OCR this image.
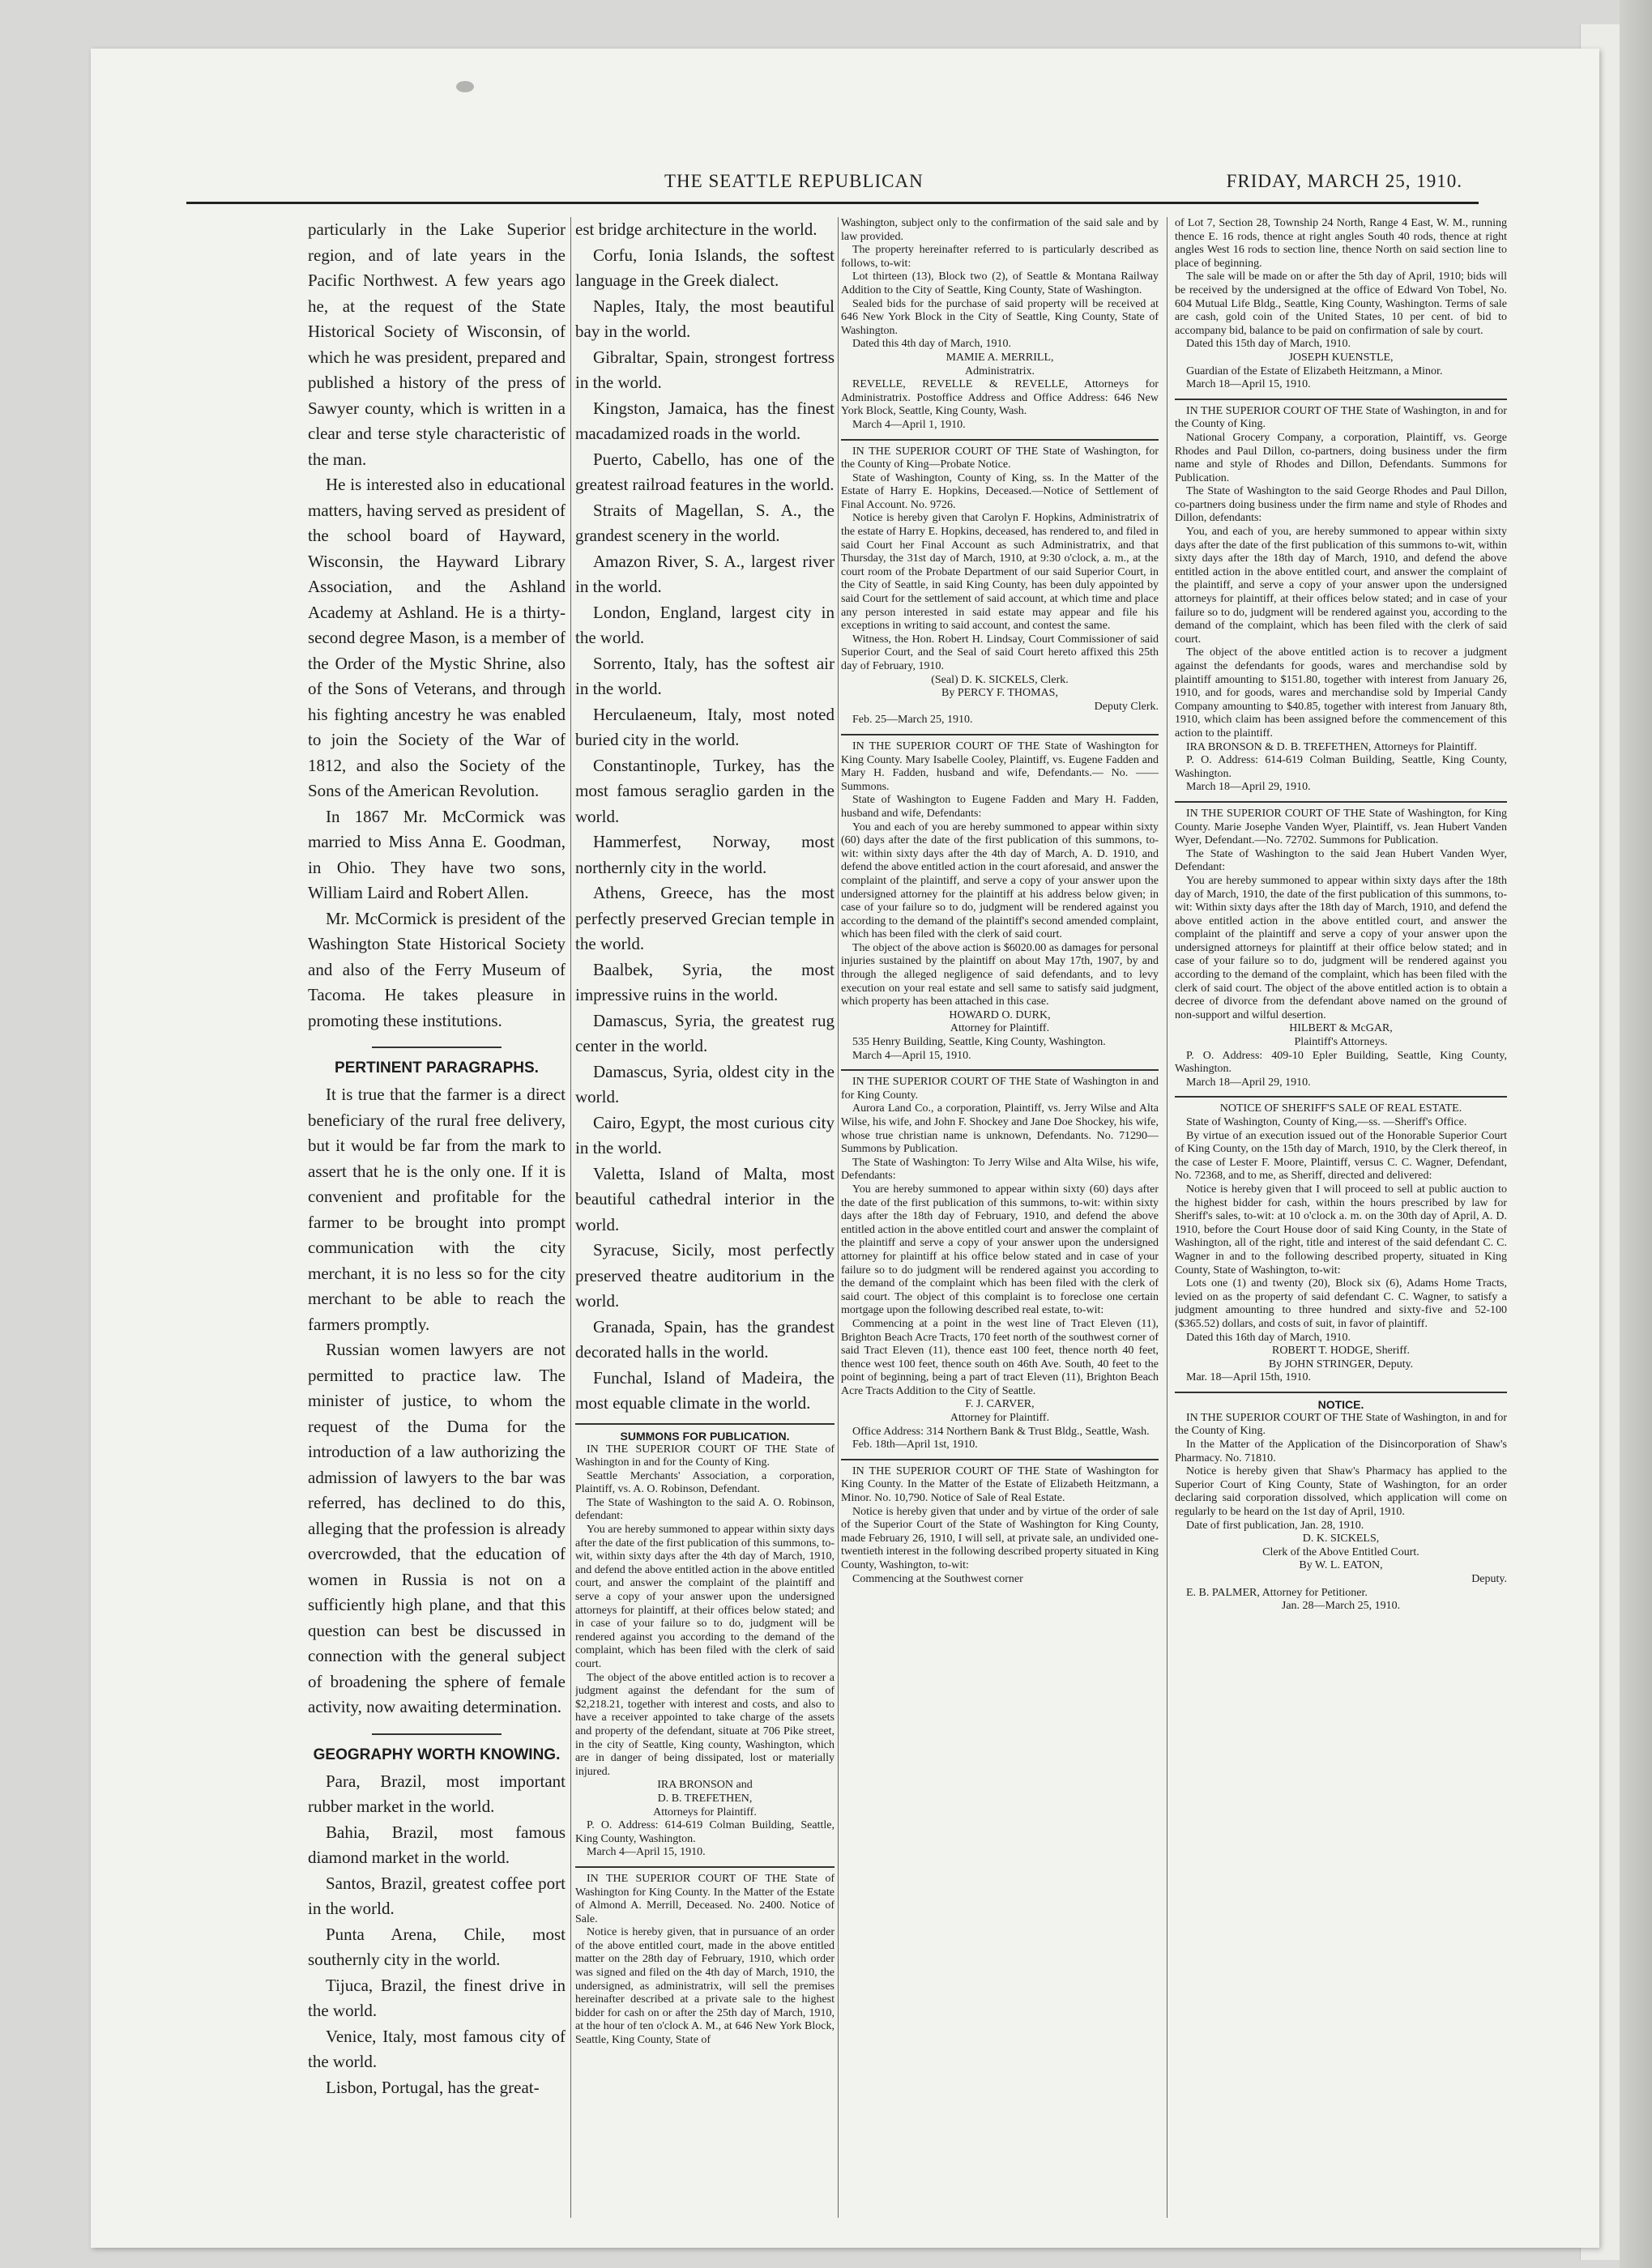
THE SEATTLE REPUBLICAN	FRIDAY, MARCH 25, 1910.

particularly in the Lake Superior region, and of late years in the Pacific Northwest. A few years ago he, at the request of the State Historical Society of Wisconsin, of which he was president, prepared and published a history of the press of Sawyer county, which is written in a clear and terse style characteristic of the man.

He is interested also in educational matters, having served as president of the school board of Hayward, Wisconsin, the Hayward Library Association, and the Ashland Academy at Ashland. He is a thirty-second degree Mason, is a member of the Order of the Mystic Shrine, also of the Sons of Veterans, and through his fighting ancestry he was enabled to join the Society of the War of 1812, and also the Society of the Sons of the American Revolution.

In 1867 Mr. McCormick was married to Miss Anna E. Goodman, in Ohio. They have two sons, William Laird and Robert Allen.

Mr. McCormick is president of the Washington State Historical Society and also of the Ferry Museum of Tacoma. He takes pleasure in promoting these institutions.

PERTINENT PARAGRAPHS.

It is true that the farmer is a direct beneficiary of the rural free delivery, but it would be far from the mark to assert that he is the only one. If it is convenient and profitable for the farmer to be brought into prompt communication with the city merchant, it is no less so for the city merchant to be able to reach the farmers promptly.

Russian women lawyers are not permitted to practice law. The minister of justice, to whom the request of the Duma for the introduction of a law authorizing the admission of lawyers to the bar was referred, has declined to do this, alleging that the profession is already overcrowded, that the education of women in Russia is not on a sufficiently high plane, and that this question can best be discussed in connection with the general subject of broadening the sphere of female activity, now awaiting determination.

GEOGRAPHY WORTH KNOWING.

Para, Brazil, most important rubber market in the world.

Bahia, Brazil, most famous diamond market in the world.

Santos, Brazil, greatest coffee port in the world.

Punta Arena, Chile, most southernly city in the world.

Tijuca, Brazil, the finest drive in the world.

Venice, Italy, most famous city of the world.

Lisbon, Portugal, has the great-

est bridge architecture in the world.

Corfu, Ionia Islands, the softest language in the Greek dialect.

Naples, Italy, the most beautiful bay in the world.

Gibraltar, Spain, strongest fortress in the world.

Kingston, Jamaica, has the finest macadamized roads in the world.

Puerto, Cabello, has one of the greatest railroad features in the world.

Straits of Magellan, S. A., the grandest scenery in the world.

Amazon River, S. A., largest river in the world.

London, England, largest city in the world.

Sorrento, Italy, has the softest air in the world.

Herculaeneum, Italy, most noted buried city in the world.

Constantinople, Turkey, has the most famous seraglio garden in the world.

Hammerfest, Norway, most northernly city in the world.

Athens, Greece, has the most perfectly preserved Grecian temple in the world.

Baalbek, Syria, the most impressive ruins in the world.

Damascus, Syria, the greatest rug center in the world.

Damascus, Syria, oldest city in the world.

Cairo, Egypt, the most curious city in the world.

Valetta, Island of Malta, most beautiful cathedral interior in the world.

Syracuse, Sicily, most perfectly preserved theatre auditorium in the world.

Granada, Spain, has the grandest decorated halls in the world.

Funchal, Island of Madeira, the most equable climate in the world.

SUMMONS FOR PUBLICATION.

IN THE SUPERIOR COURT OF THE State of Washington in and for the County of King.

Seattle Merchants' Association, a corporation, Plaintiff, vs. A. O. Robinson, Defendant.

The State of Washington to the said A. O. Robinson, defendant:

You are hereby summoned to appear within sixty days after the date of the first publication of this summons, to-wit, within sixty days after the 4th day of March, 1910, and defend the above entitled action in the above entitled court, and answer the complaint of the plaintiff and serve a copy of your answer upon the undersigned attorneys for plaintiff, at their offices below stated; and in case of your failure so to do, judgment will be rendered against you according to the demand of the complaint, which has been filed with the clerk of said court.

The object of the above entitled action is to recover a judgment against the defendant for the sum of $2,218.21, together with interest and costs, and also to have a receiver appointed to take charge of the assets and property of the defendant, situate at 706 Pike street, in the city of Seattle, King county, Washington, which are in danger of being dissipated, lost or materially injured.

IRA BRONSON and

D. B. TREFETHEN,

Attorneys for Plaintiff.

P. O. Address: 614-619 Colman Building, Seattle, King County, Washington.

March 4—April 15, 1910.

IN THE SUPERIOR COURT OF THE State of Washington for King County. In the Matter of the Estate of Almond A. Merrill, Deceased. No. 2400. Notice of Sale.

Notice is hereby given, that in pursuance of an order of the above entitled court, made in the above entitled matter on the 28th day of February, 1910, which order was signed and filed on the 4th day of March, 1910, the undersigned, as administratrix, will sell the premises hereinafter described at a private sale to the highest bidder for cash on or after the 25th day of March, 1910, at the hour of ten o'clock A. M., at 646 New York Block, Seattle, King County, State of

Washington, subject only to the confirmation of the said sale and by law provided.

The property hereinafter referred to is particularly described as follows, to-wit:

Lot thirteen (13), Block two (2), of Seattle & Montana Railway Addition to the City of Seattle, King County, State of Washington.

Sealed bids for the purchase of said property will be received at 646 New York Block in the City of Seattle, King County, State of Washington.

Dated this 4th day of March, 1910.

MAMIE A. MERRILL,

Administratrix.

REVELLE, REVELLE & REVELLE, Attorneys for Administratrix. Postoffice Address and Office Address: 646 New York Block, Seattle, King County, Wash.

March 4—April 1, 1910.

IN THE SUPERIOR COURT OF THE State of Washington, for the County of King—Probate Notice.

State of Washington, County of King, ss. In the Matter of the Estate of Harry E. Hopkins, Deceased.—Notice of Settlement of Final Account. No. 9726.

Notice is hereby given that Carolyn F. Hopkins, Administratrix of the estate of Harry E. Hopkins, deceased, has rendered to, and filed in said Court her Final Account as such Administratrix, and that Thursday, the 31st day of March, 1910, at 9:30 o'clock, a. m., at the court room of the Probate Department of our said Superior Court, in the City of Seattle, in said King County, has been duly appointed by said Court for the settlement of said account, at which time and place any person interested in said estate may appear and file his exceptions in writing to said account, and contest the same.

Witness, the Hon. Robert H. Lindsay, Court Commissioner of said Superior Court, and the Seal of said Court hereto affixed this 25th day of February, 1910.

(Seal) D. K. SICKELS, Clerk.

By PERCY F. THOMAS,

Deputy Clerk.

Feb. 25—March 25, 1910.

IN THE SUPERIOR COURT OF THE State of Washington for King County. Mary Isabelle Cooley, Plaintiff, vs. Eugene Fadden and Mary H. Fadden, husband and wife, Defendants.— No. —— Summons.

State of Washington to Eugene Fadden and Mary H. Fadden, husband and wife, Defendants:

You and each of you are hereby summoned to appear within sixty (60) days after the date of the first publication of this summons, to-wit: within sixty days after the 4th day of March, A. D. 1910, and defend the above entitled action in the court aforesaid, and answer the complaint of the plaintiff, and serve a copy of your answer upon the undersigned attorney for the plaintiff at his address below given; in case of your failure so to do, judgment will be rendered against you according to the demand of the plaintiff's second amended complaint, which has been filed with the clerk of said court.

The object of the above action is $6020.00 as damages for personal injuries sustained by the plaintiff on about May 17th, 1907, by and through the alleged negligence of said defendants, and to levy execution on your real estate and sell same to satisfy said judgment, which property has been attached in this case.

HOWARD O. DURK,

Attorney for Plaintiff.

535 Henry Building, Seattle, King County, Washington.

March 4—April 15, 1910.

IN THE SUPERIOR COURT OF THE State of Washington in and for King County.

Aurora Land Co., a corporation, Plaintiff, vs. Jerry Wilse and Alta Wilse, his wife, and John F. Shockey and Jane Doe Shockey, his wife, whose true christian name is unknown, Defendants. No. 71290—Summons by Publication.

The State of Washington: To Jerry Wilse and Alta Wilse, his wife, Defendants:

You are hereby summoned to appear within sixty (60) days after the date of the first publication of this summons, to-wit: within sixty days after the 18th day of February, 1910, and defend the above entitled action in the above entitled court and answer the complaint of the plaintiff and serve a copy of your answer upon the undersigned attorney for plaintiff at his office below stated and in case of your failure so to do judgment will be rendered against you according to the demand of the complaint which has been filed with the clerk of said court. The object of this complaint is to foreclose one certain mortgage upon the following described real estate, to-wit:

Commencing at a point in the west line of Tract Eleven (11), Brighton Beach Acre Tracts, 170 feet north of the southwest corner of said Tract Eleven (11), thence east 100 feet, thence north 40 feet, thence west 100 feet, thence south on 46th Ave. South, 40 feet to the point of beginning, being a part of tract Eleven (11), Brighton Beach Acre Tracts Addition to the City of Seattle.

F. J. CARVER,

Attorney for Plaintiff.

Office Address: 314 Northern Bank & Trust Bldg., Seattle, Wash.

Feb. 18th—April 1st, 1910.

IN THE SUPERIOR COURT OF THE State of Washington for King County. In the Matter of the Estate of Elizabeth Heitzmann, a Minor. No. 10,790. Notice of Sale of Real Estate.

Notice is hereby given that under and by virtue of the order of sale of the Superior Court of the State of Washington for King County, made February 26, 1910, I will sell, at private sale, an undivided one-twentieth interest in the following described property situated in King County, Washington, to-wit:

Commencing at the Southwest corner

of Lot 7, Section 28, Township 24 North, Range 4 East, W. M., running thence E. 16 rods, thence at right angles South 40 rods, thence at right angles West 16 rods to section line, thence North on said section line to place of beginning.

The sale will be made on or after the 5th day of April, 1910; bids will be received by the undersigned at the office of Edward Von Tobel, No. 604 Mutual Life Bldg., Seattle, King County, Washington. Terms of sale are cash, gold coin of the United States, 10 per cent. of bid to accompany bid, balance to be paid on confirmation of sale by court.

Dated this 15th day of March, 1910.

JOSEPH KUENSTLE,

Guardian of the Estate of Elizabeth Heitzmann, a Minor.

March 18—April 15, 1910.

IN THE SUPERIOR COURT OF THE State of Washington, in and for the County of King.

National Grocery Company, a corporation, Plaintiff, vs. George Rhodes and Paul Dillon, co-partners, doing business under the firm name and style of Rhodes and Dillon, Defendants. Summons for Publication.

The State of Washington to the said George Rhodes and Paul Dillon, co-partners doing business under the firm name and style of Rhodes and Dillon, defendants:

You, and each of you, are hereby summoned to appear within sixty days after the date of the first publication of this summons to-wit, within sixty days after the 18th day of March, 1910, and defend the above entitled action in the above entitled court, and answer the complaint of the plaintiff, and serve a copy of your answer upon the undersigned attorneys for plaintiff, at their offices below stated; and in case of your failure so to do, judgment will be rendered against you, according to the demand of the complaint, which has been filed with the clerk of said court.

The object of the above entitled action is to recover a judgment against the defendants for goods, wares and merchandise sold by plaintiff amounting to $151.80, together with interest from January 26, 1910, and for goods, wares and merchandise sold by Imperial Candy Company amounting to $40.85, together with interest from January 8th, 1910, which claim has been assigned before the commencement of this action to the plaintiff.

IRA BRONSON & D. B. TREFETHEN, Attorneys for Plaintiff.

P. O. Address: 614-619 Colman Building, Seattle, King County, Washington.

March 18—April 29, 1910.

IN THE SUPERIOR COURT OF THE State of Washington, for King County. Marie Josephe Vanden Wyer, Plaintiff, vs. Jean Hubert Vanden Wyer, Defendant.—No. 72702. Summons for Publication.

The State of Washington to the said Jean Hubert Vanden Wyer, Defendant:

You are hereby summoned to appear within sixty days after the 18th day of March, 1910, the date of the first publication of this summons, to-wit: Within sixty days after the 18th day of March, 1910, and defend the above entitled action in the above entitled court, and answer the complaint of the plaintiff and serve a copy of your answer upon the undersigned attorneys for plaintiff at their office below stated; and in case of your failure so to do, judgment will be rendered against you according to the demand of the complaint, which has been filed with the clerk of said court. The object of the above entitled action is to obtain a decree of divorce from the defendant above named on the ground of non-support and wilful desertion.

HILBERT & McGAR,

Plaintiff's Attorneys.

P. O. Address: 409-10 Epler Building, Seattle, King County, Washington.

March 18—April 29, 1910.

NOTICE OF SHERIFF'S SALE OF REAL ESTATE.

State of Washington, County of King,—ss. —Sheriff's Office.

By virtue of an execution issued out of the Honorable Superior Court of King County, on the 15th day of March, 1910, by the Clerk thereof, in the case of Lester F. Moore, Plaintiff, versus C. C. Wagner, Defendant, No. 72368, and to me, as Sheriff, directed and delivered:

Notice is hereby given that I will proceed to sell at public auction to the highest bidder for cash, within the hours prescribed by law for Sheriff's sales, to-wit: at 10 o'clock a. m. on the 30th day of April, A. D. 1910, before the Court House door of said King County, in the State of Washington, all of the right, title and interest of the said defendant C. C. Wagner in and to the following described property, situated in King County, State of Washington, to-wit:

Lots one (1) and twenty (20), Block six (6), Adams Home Tracts, levied on as the property of said defendant C. C. Wagner, to satisfy a judgment amounting to three hundred and sixty-five and 52-100 ($365.52) dollars, and costs of suit, in favor of plaintiff.

Dated this 16th day of March, 1910.

ROBERT T. HODGE, Sheriff.

By JOHN STRINGER, Deputy.

Mar. 18—April 15th, 1910.

NOTICE.

IN THE SUPERIOR COURT OF THE State of Washington, in and for the County of King.

In the Matter of the Application of the Disincorporation of Shaw's Pharmacy. No. 71810.

Notice is hereby given that Shaw's Pharmacy has applied to the Superior Court of King County, State of Washington, for an order declaring said corporation dissolved, which application will come on regularly to be heard on the 1st day of April, 1910.

Date of first publication, Jan. 28, 1910.

D. K. SICKELS,

Clerk of the Above Entitled Court.

By W. L. EATON,

Deputy.

E. B. PALMER, Attorney for Petitioner.

Jan. 28—March 25, 1910.
